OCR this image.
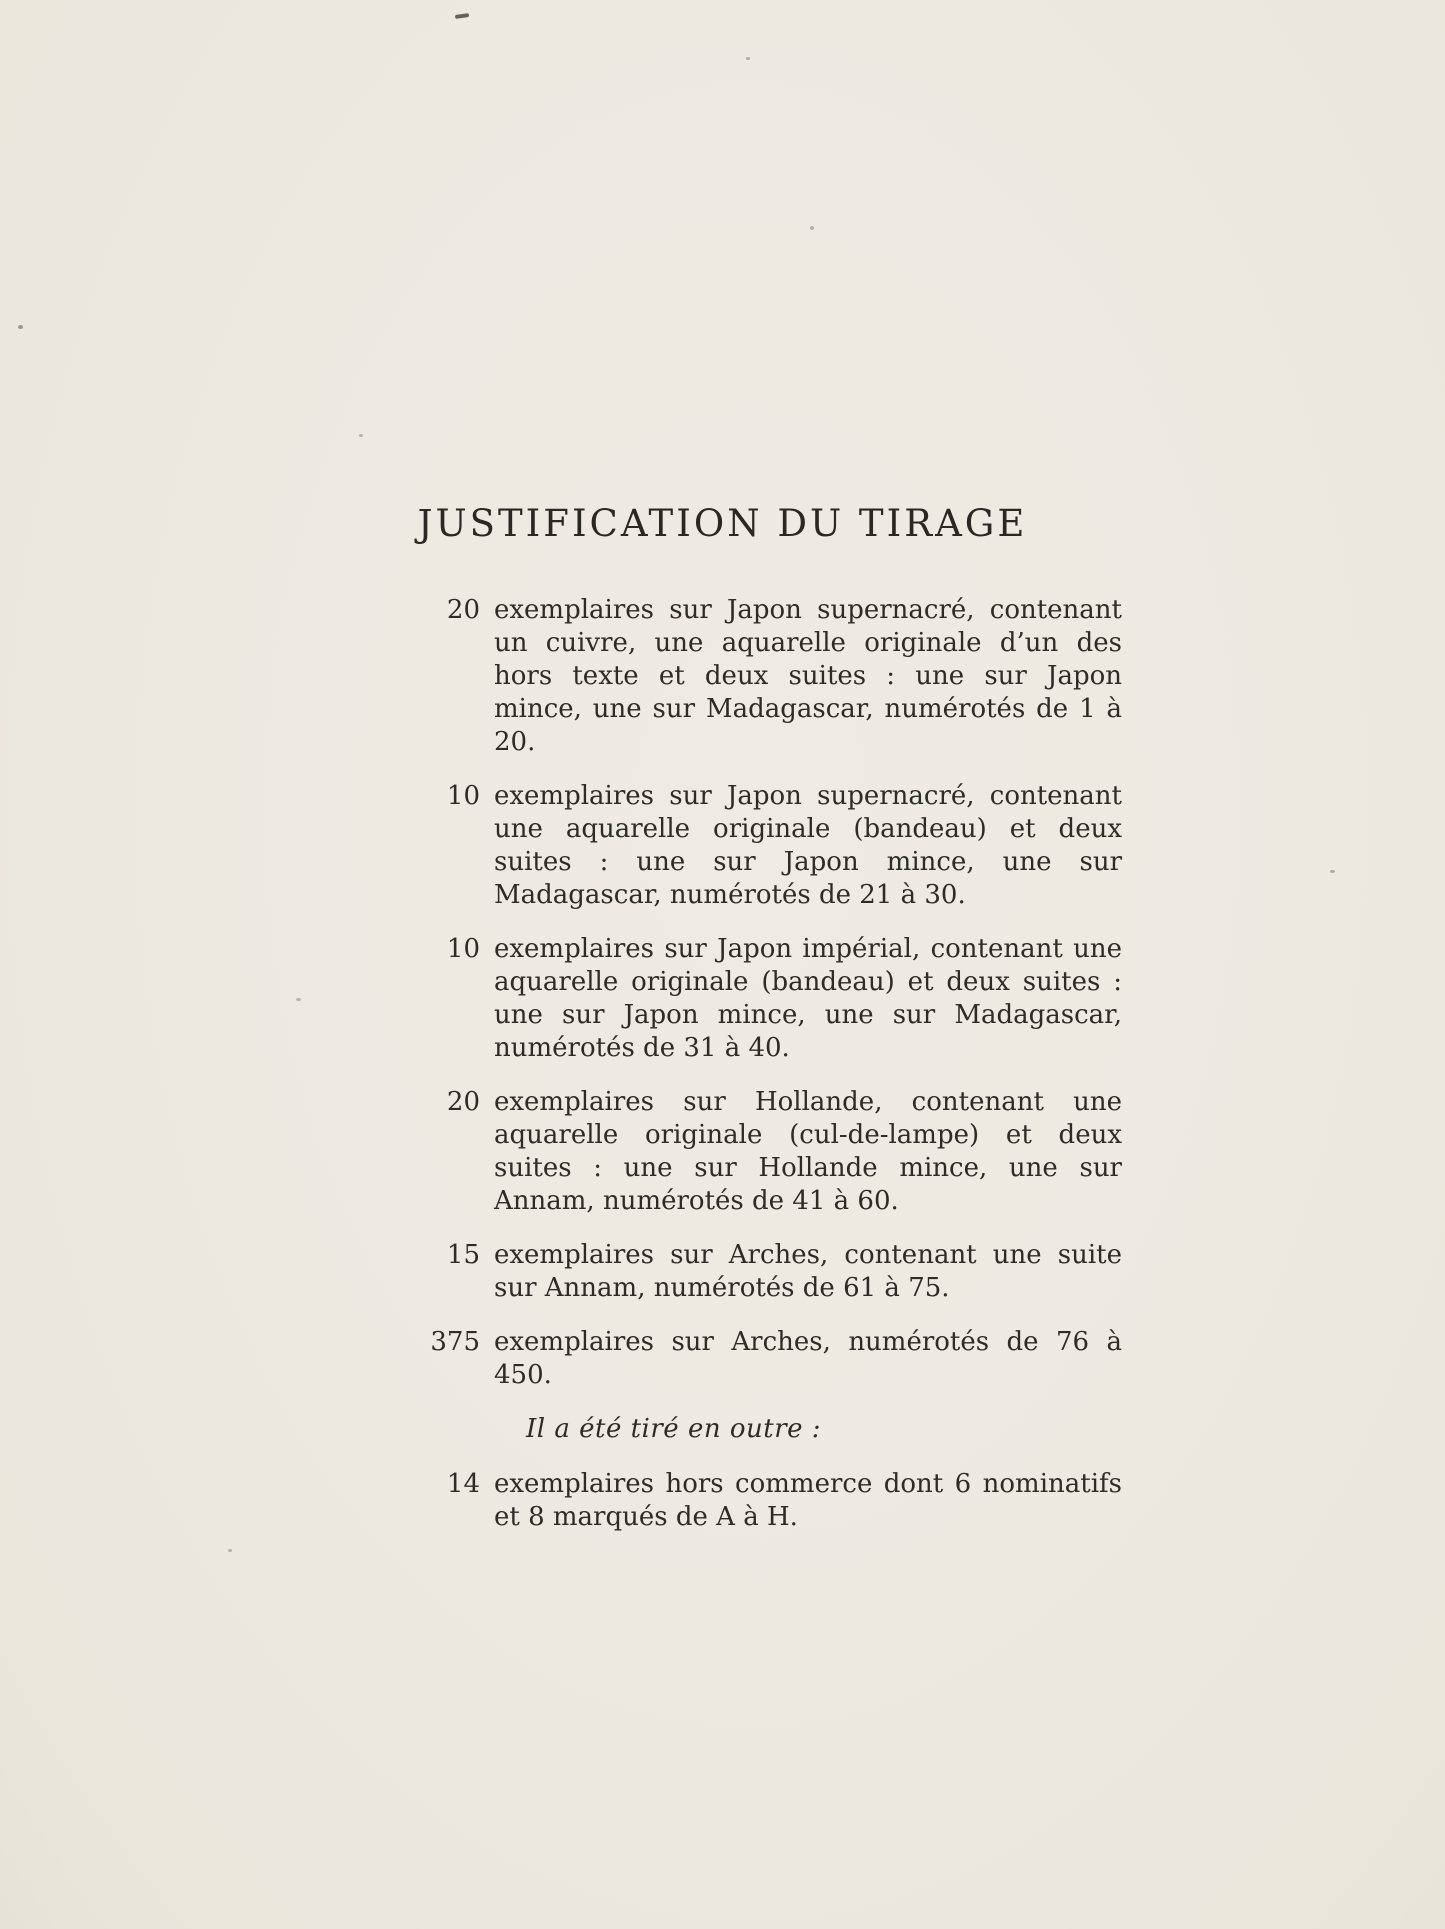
JUSTIFICATION DU TIRAGE
20 exemplaires sur Japon supernacré, contenant un cuivre, une aquarelle originale d’un des hors texte et deux suites : une sur Japon mince, une sur Madagascar, numérotés de 1 à 20.
10 exemplaires sur Japon supernacré, contenant une aquarelle originale (bandeau) et deux suites : une sur Japon mince, une sur Madagascar, numérotés de 21 à 30.
10 exemplaires sur Japon impérial, contenant une aquarelle originale (bandeau) et deux suites : une sur Japon mince, une sur Madagascar, numérotés de 31 à 40.
20 exemplaires sur Hollande, contenant une aquarelle originale (cul-de-lampe) et deux suites : une sur Hollande mince, une sur Annam, numérotés de 41 à 60.
15 exemplaires sur Arches, contenant une suite sur Annam, numérotés de 61 à 75.
375 exemplaires sur Arches, numérotés de 76 à 450.
Il a été tiré en outre :
14 exemplaires hors commerce dont 6 nominatifs et 8 marqués de A à H.
